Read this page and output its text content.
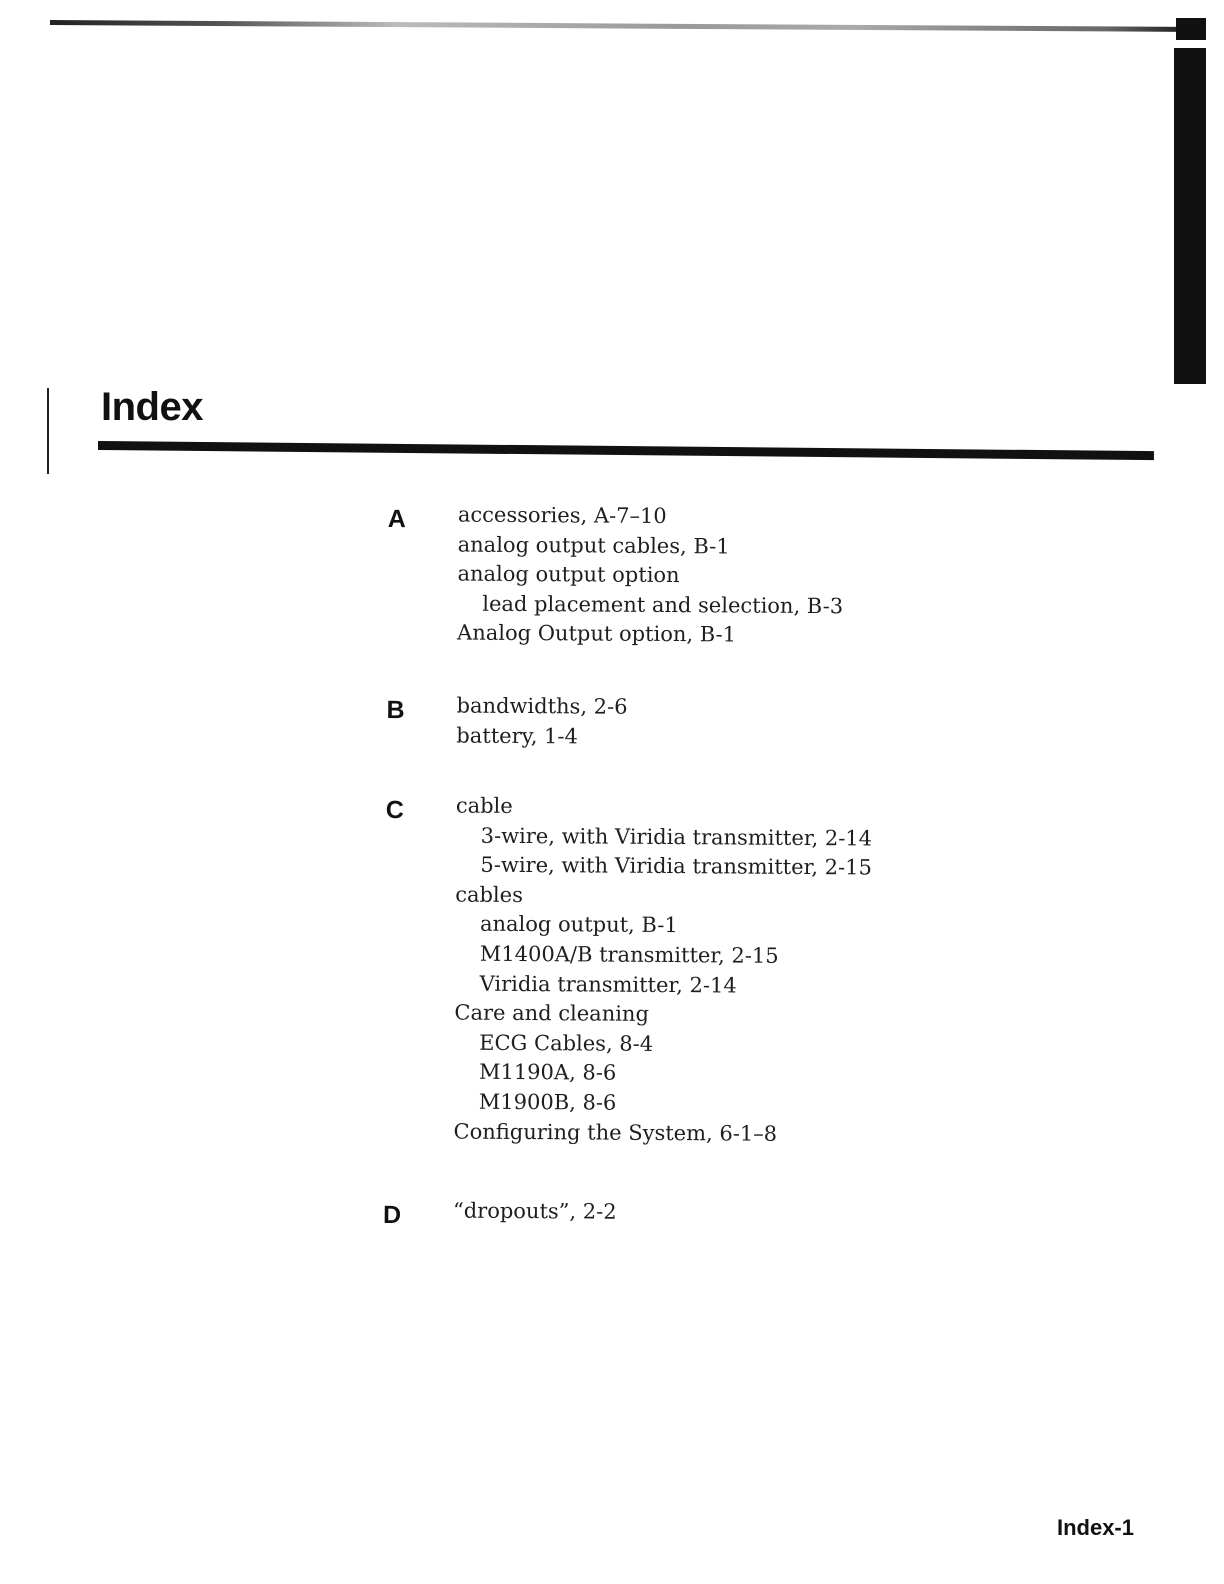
Index
A accessories, A-7–10
analog output cables, B-1
analog output option
lead placement and selection, B-3
Analog Output option, B-1
B bandwidths, 2-6
battery, 1-4
C cable
3-wire, with Viridia transmitter, 2-14
5-wire, with Viridia transmitter, 2-15
cables
analog output, B-1
M1400A/B transmitter, 2-15
Viridia transmitter, 2-14
Care and cleaning
ECG Cables, 8-4
M1190A, 8-6
M1900B, 8-6
Configuring the System, 6-1–8
D “dropouts”, 2-2
Index-1
